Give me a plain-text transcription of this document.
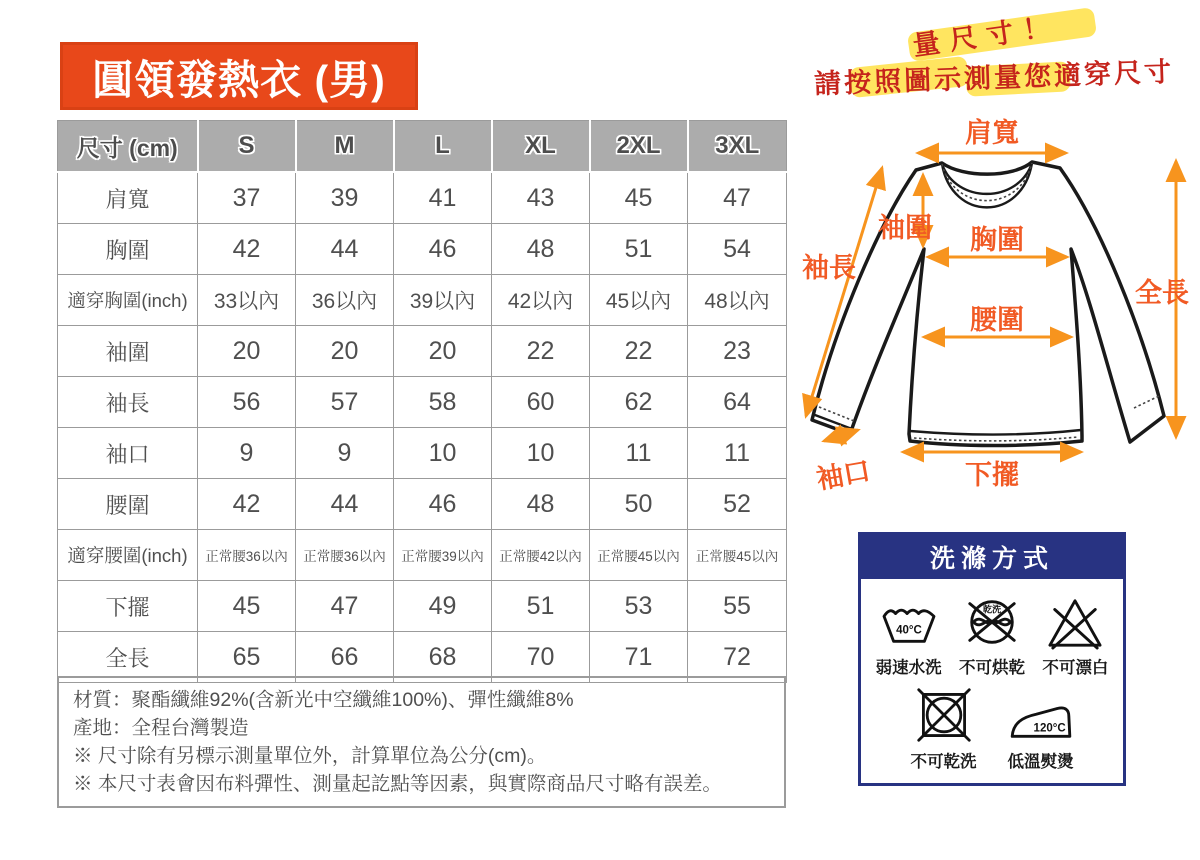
圓領發熱衣 (男)
尺寸 (cm)	S	M	L	XL	2XL	3XL
肩寬	37	39	41	43	45	47
胸圍	42	44	46	48	51	54
適穿胸圍(inch)	33以內	36以內	39以內	42以內	45以內	48以內
袖圍	20	20	20	22	22	23
袖長	56	57	58	60	62	64
袖口	9	9	10	10	11	11
腰圍	42	44	46	48	50	52
適穿腰圍(inch)	正常腰36以內	正常腰36以內	正常腰39以內	正常腰42以內	正常腰45以內	正常腰45以內
下擺	45	47	49	51	53	55
全長	65	66	68	70	71	72
材質：聚酯纖維92%(含新光中空纖維100%)、彈性纖維8%
產地：全程台灣製造
※ 尺寸除有另標示測量單位外，計算單位為公分(cm)。
※ 本尺寸表會因布料彈性、測量起訖點等因素，與實際商品尺寸略有誤差。
量尺寸！
請按照圖示測量您適穿尺寸
肩寬
袖圍
袖長
胸圍
腰圍
袖口	下擺
全長
洗滌方式
40°C
弱速水洗
乾洗
不可烘乾 不可漂白
不可乾洗
120°C
低溫熨燙
